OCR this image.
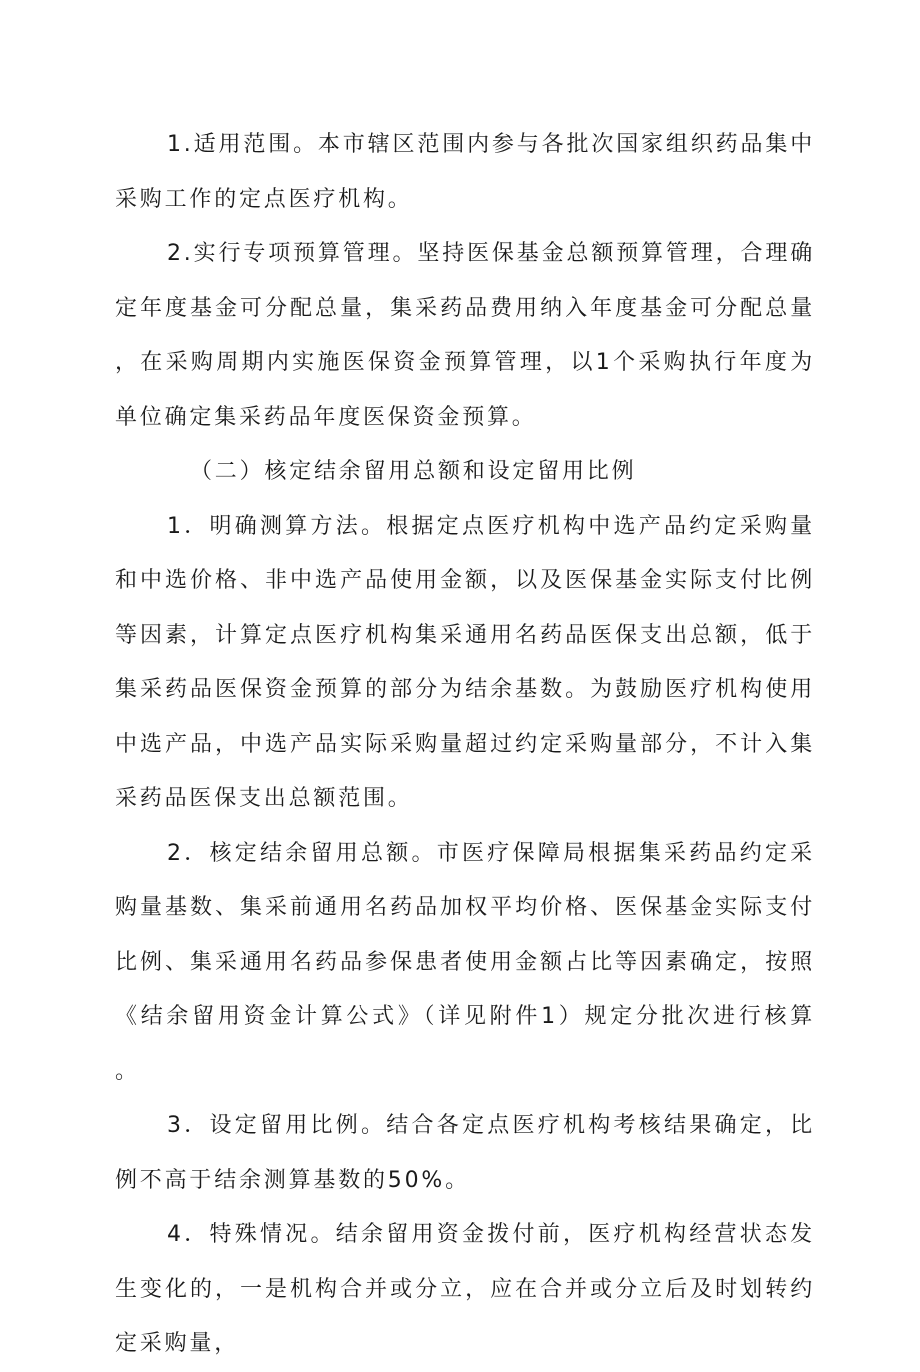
1.适用范围。本市辖区范围内参与各批次国家组织药品集中采购工作的定点医疗机构。

2.实行专项预算管理。坚持医保基金总额预算管理，合理确定年度基金可分配总量，集采药品费用纳入年度基金可分配总量，在采购周期内实施医保资金预算管理，以1个采购执行年度为单位确定集采药品年度医保资金预算。

（二）核定结余留用总额和设定留用比例

1．明确测算方法。根据定点医疗机构中选产品约定采购量和中选价格、非中选产品使用金额，以及医保基金实际支付比例等因素，计算定点医疗机构集采通用名药品医保支出总额，低于集采药品医保资金预算的部分为结余基数。为鼓励医疗机构使用中选产品，中选产品实际采购量超过约定采购量部分，不计入集采药品医保支出总额范围。

2．核定结余留用总额。市医疗保障局根据集采药品约定采购量基数、集采前通用名药品加权平均价格、医保基金实际支付比例、集采通用名药品参保患者使用金额占比等因素确定，按照《结余留用资金计算公式》（详见附件1）规定分批次进行核算。

3．设定留用比例。结合各定点医疗机构考核结果确定，比例不高于结余测算基数的50%。

4．特殊情况。结余留用资金拨付前，医疗机构经营状态发生变化的，一是机构合并或分立，应在合并或分立后及时划转约定采购量，
